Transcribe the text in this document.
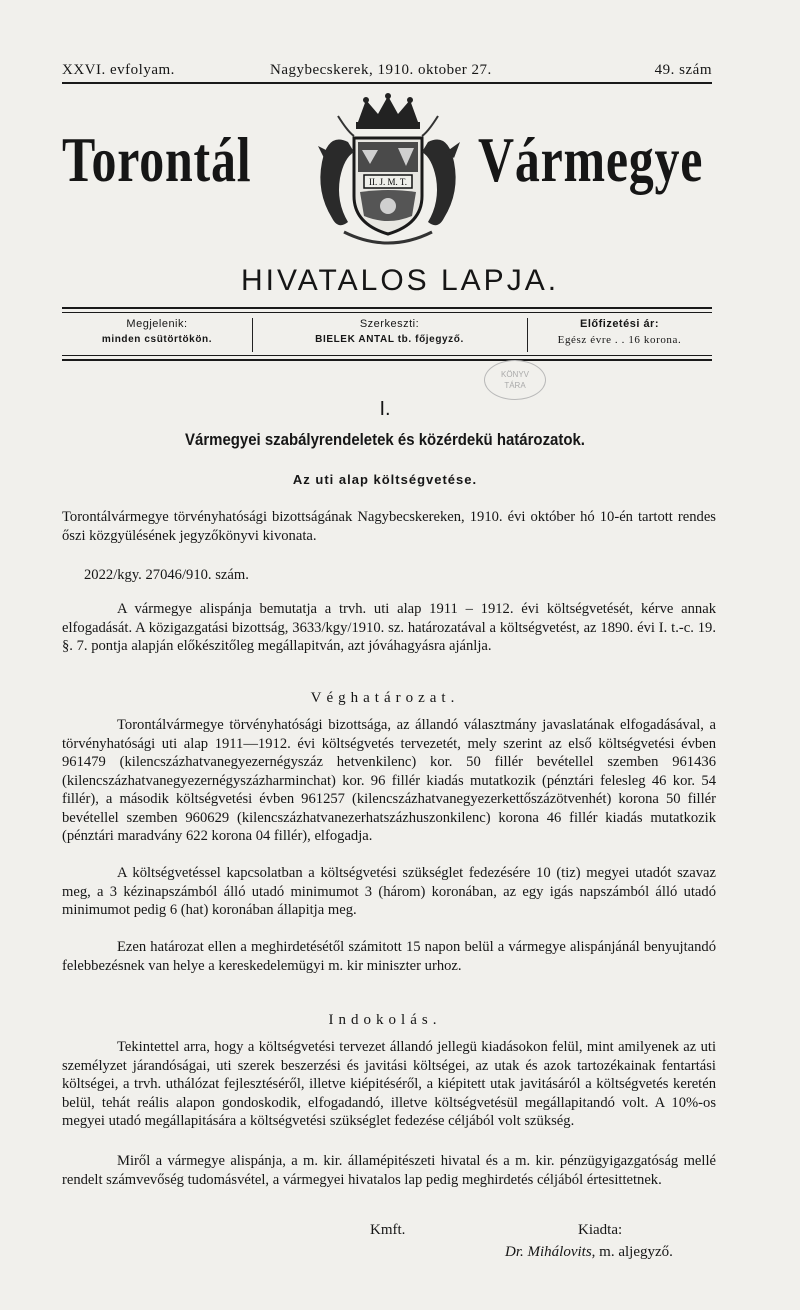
XXVI. evfolyam.	Nagybecskerek, 1910. oktober 27.	49. szám
Torontál	Vármegye
II. J. M. T.
HIVATALOS LAPJA.
Megjelenik:
minden csütörtökön.
Szerkeszti:
BIELEK ANTAL tb. főjegyző.
Előfizetési ár:
Egész évre . . 16 korona.
KÖNYV
TÁRA
I.
Vármegyei szabályrendeletek és közérdekü határozatok.
Az uti alap költségvetése.
Torontálvármegye törvényhatósági bizottságának Nagybecskereken, 1910. évi október hó 10-én tartott rendes őszi közgyülésének jegyzőkönyvi kivonata.
2022/kgy. 27046/910. szám.
A vármegye alispánja bemutatja a trvh. uti alap 1911 – 1912. évi költségvetését, kérve annak elfogadását. A közigazgatási bizottság, 3633/kgy/1910. sz. határozatával a költségvetést, az 1890. évi I. t.-c. 19. §. 7. pontja alapján előkészitőleg megállapitván, azt jóváhagyásra ajánlja.
Véghatározat.
Torontálvármegye törvényhatósági bizottsága, az állandó választmány javaslatának elfogadásával, a törvényhatósági uti alap 1911—1912. évi költségvetés tervezetét, mely szerint az első költségvetési évben 961479 (kilencszázhatvanegyezernégyszáz hetvenkilenc) kor. 50 fillér bevétellel szemben 961436 (kilencszázhatvanegyezernégyszázharminchat) kor. 96 fillér kiadás mutatkozik (pénztári felesleg 46 kor. 54 fillér), a második költségvetési évben 961257 (kilencszázhatvanegyezerkettőszázötvenhét) korona 50 fillér bevétellel szemben 960629 (kilencszázhatvanezerhatszázhuszonkilenc) korona 46 fillér kiadás mutatkozik (pénztári maradvány 622 korona 04 fillér), elfogadja.
A költségvetéssel kapcsolatban a költségvetési szükséglet fedezésére 10 (tiz) megyei utadót szavaz meg, a 3 kézinapszámból álló utadó minimumot 3 (három) koronában, az egy igás napszámból álló utadó minimumot pedig 6 (hat) koronában állapitja meg.
Ezen határozat ellen a meghirdetésétől számitott 15 napon belül a vármegye alispánjánál benyujtandó felebbezésnek van helye a kereskedelemügyi m. kir miniszter urhoz.
Indokolás.
Tekintettel arra, hogy a költségvetési tervezet állandó jellegü kiadásokon felül, mint amilyenek az uti személyzet járandóságai, uti szerek beszerzési és javitási költségei, az utak és azok tartozékainak fentartási költségei, a trvh. uthálózat fejlesztéséről, illetve kiépitéséről, a kiépitett utak javitásáról a költségvetés keretén belül, tehát reális alapon gondoskodik, elfogadandó, illetve költségvetésül megállapitandó volt. A 10%-os megyei utadó megállapitására a költségvetési szükséglet fedezése céljából volt szükség.
Miről a vármegye alispánja, a m. kir. államépitészeti hivatal és a m. kir. pénzügyigazgatóság mellé rendelt számvevőség tudomásvétel, a vármegyei hivatalos lap pedig meghirdetés céljából értesittetnek.
Kmft.	Kiadta:
Dr. Mihálovits, m. aljegyző.
